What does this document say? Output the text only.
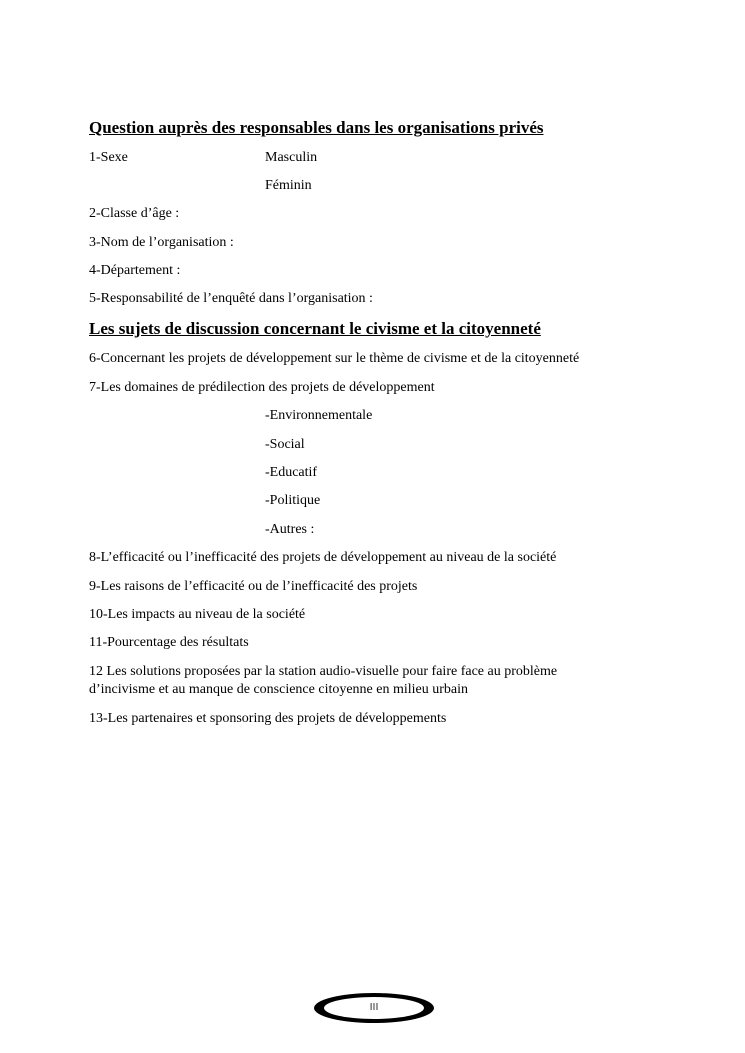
Question auprès des responsables dans les organisations privés
1-Sexe	Masculin
Féminin
2-Classe d’âge :
3-Nom de l’organisation :
4-Département :
5-Responsabilité de l’enquêté dans l’organisation :
Les sujets de discussion concernant le civisme et la citoyenneté
6-Concernant les projets de développement sur le thème de civisme et de la citoyenneté
7-Les domaines de prédilection des projets de développement
-Environnementale
-Social
-Educatif
-Politique
-Autres :
8-L’efficacité ou l’inefficacité des projets de développement au niveau de la société
9-Les raisons de l’efficacité ou de l’inefficacité des projets
10-Les impacts au niveau de la société
11-Pourcentage des résultats
12 Les solutions proposées par la station audio-visuelle pour faire face au problème
d’incivisme et au manque de conscience citoyenne en milieu urbain
13-Les partenaires et sponsoring des projets de développements
III
